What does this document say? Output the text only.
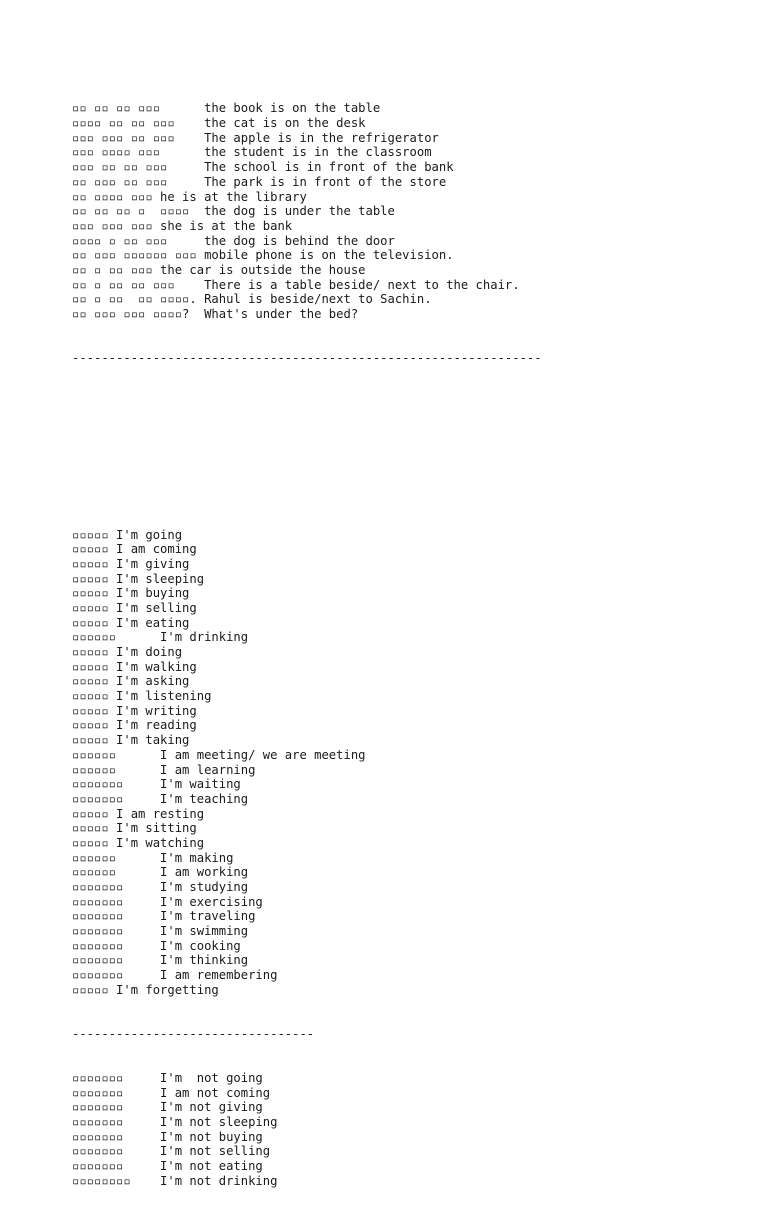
▫▫ ▫▫ ▫▫ ▫▫▫      the book is on the table
▫▫▫▫ ▫▫ ▫▫ ▫▫▫    the cat is on the desk
▫▫▫ ▫▫▫ ▫▫ ▫▫▫    The apple is in the refrigerator
▫▫▫ ▫▫▫▫ ▫▫▫      the student is in the classroom
▫▫▫ ▫▫ ▫▫ ▫▫▫     The school is in front of the bank
▫▫ ▫▫▫ ▫▫ ▫▫▫     The park is in front of the store
▫▫ ▫▫▫▫ ▫▫▫ he is at the library
▫▫ ▫▫ ▫▫ ▫  ▫▫▫▫  the dog is under the table
▫▫▫ ▫▫▫ ▫▫▫ she is at the bank
▫▫▫▫ ▫ ▫▫ ▫▫▫     the dog is behind the door
▫▫ ▫▫▫ ▫▫▫▫▫▫ ▫▫▫ mobile phone is on the television.
▫▫ ▫ ▫▫ ▫▫▫ the car is outside the house
▫▫ ▫ ▫▫ ▫▫ ▫▫▫    There is a table beside/ next to the chair.
▫▫ ▫ ▫▫  ▫▫ ▫▫▫▫. Rahul is beside/next to Sachin.
▫▫ ▫▫▫ ▫▫▫ ▫▫▫▫?  What's under the bed?

----------------------------------------------------------------

▫▫▫▫▫ I'm going
▫▫▫▫▫ I am coming
▫▫▫▫▫ I'm giving
▫▫▫▫▫ I'm sleeping
▫▫▫▫▫ I'm buying
▫▫▫▫▫ I'm selling
▫▫▫▫▫ I'm eating
▫▫▫▫▫▫      I'm drinking
▫▫▫▫▫ I'm doing
▫▫▫▫▫ I'm walking
▫▫▫▫▫ I'm asking
▫▫▫▫▫ I'm listening
▫▫▫▫▫ I'm writing
▫▫▫▫▫ I'm reading
▫▫▫▫▫ I'm taking
▫▫▫▫▫▫      I am meeting/ we are meeting
▫▫▫▫▫▫      I am learning
▫▫▫▫▫▫▫     I'm waiting
▫▫▫▫▫▫▫     I'm teaching
▫▫▫▫▫ I am resting
▫▫▫▫▫ I'm sitting
▫▫▫▫▫ I'm watching
▫▫▫▫▫▫      I'm making
▫▫▫▫▫▫      I am working
▫▫▫▫▫▫▫     I'm studying
▫▫▫▫▫▫▫     I'm exercising
▫▫▫▫▫▫▫     I'm traveling
▫▫▫▫▫▫▫     I'm swimming
▫▫▫▫▫▫▫     I'm cooking
▫▫▫▫▫▫▫     I'm thinking
▫▫▫▫▫▫▫     I am remembering
▫▫▫▫▫ I'm forgetting

---------------------------------

▫▫▫▫▫▫▫     I'm  not going
▫▫▫▫▫▫▫     I am not coming
▫▫▫▫▫▫▫     I'm not giving
▫▫▫▫▫▫▫     I'm not sleeping
▫▫▫▫▫▫▫     I'm not buying
▫▫▫▫▫▫▫     I'm not selling
▫▫▫▫▫▫▫     I'm not eating
▫▫▫▫▫▫▫▫    I'm not drinking
